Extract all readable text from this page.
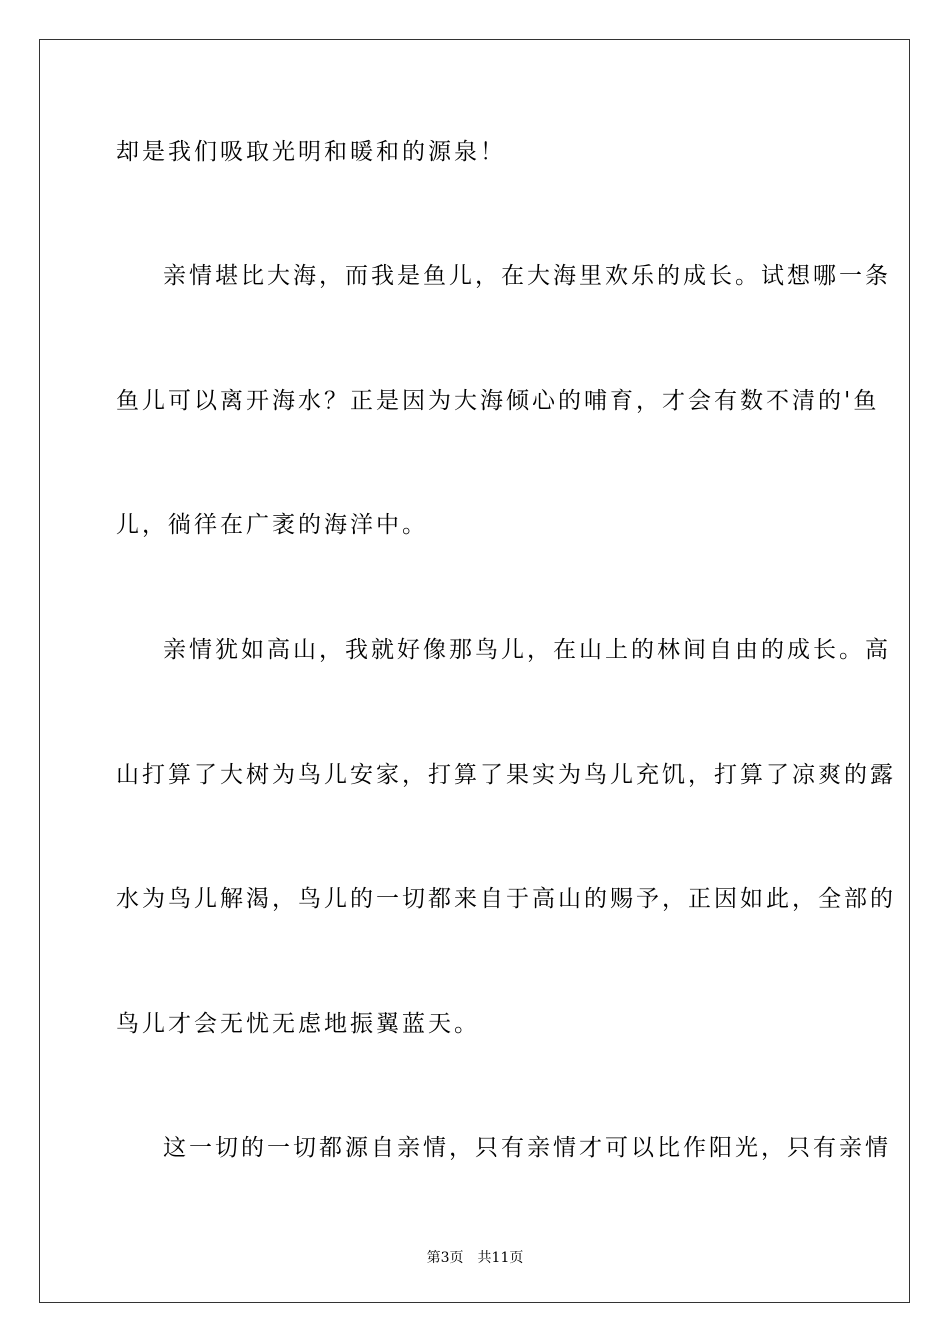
却是我们吸取光明和暖和的源泉！
亲情堪比大海，而我是鱼儿，在大海里欢乐的成长。试想哪一条
鱼儿可以离开海水？正是因为大海倾心的哺育，才会有数不清的'鱼
儿，徜徉在广袤的海洋中。
亲情犹如高山，我就好像那鸟儿，在山上的林间自由的成长。高
山打算了大树为鸟儿安家，打算了果实为鸟儿充饥，打算了凉爽的露
水为鸟儿解渴，鸟儿的一切都来自于高山的赐予，正因如此，全部的
鸟儿才会无忧无虑地振翼蓝天。
这一切的一切都源自亲情，只有亲情才可以比作阳光，只有亲情
第3页 共11页
